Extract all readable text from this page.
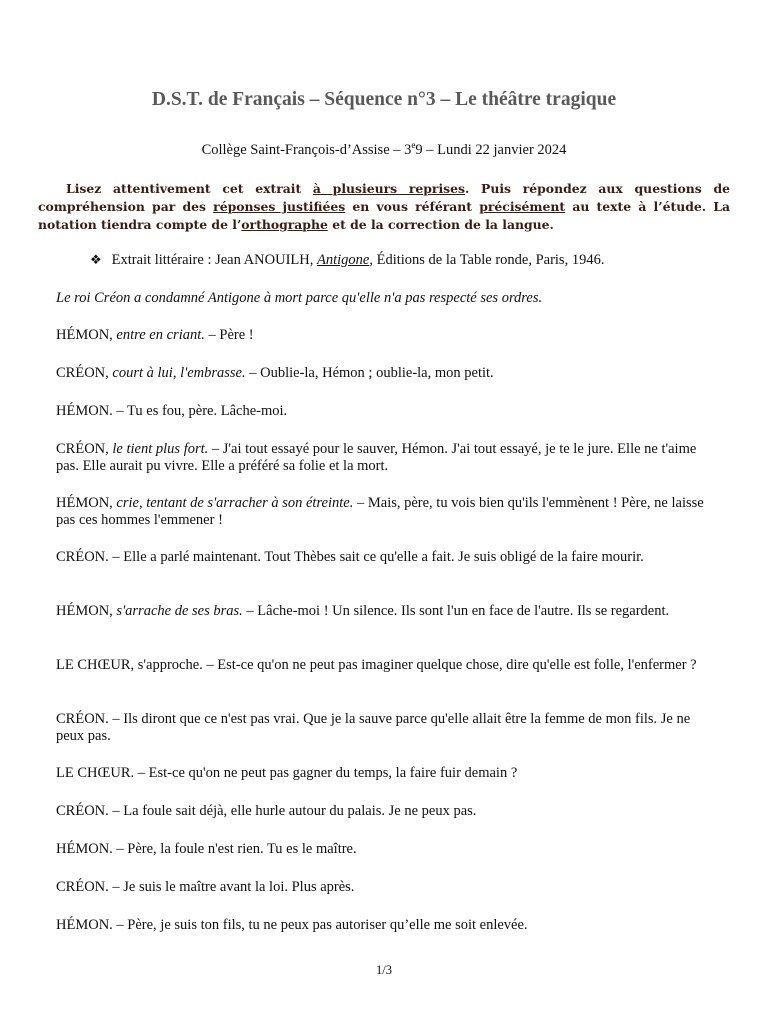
D.S.T. de Français – Séquence n°3 – Le théâtre tragique
Collège Saint-François-d’Assise – 3e9 – Lundi 22 janvier 2024
Lisez attentivement cet extrait à plusieurs reprises. Puis répondez aux questions de compréhension par des réponses justifiées en vous référant précisément au texte à l’étude. La notation tiendra compte de l’orthographe et de la correction de la langue.
❖ Extrait littéraire : Jean ANOUILH, Antigone, Éditions de la Table ronde, Paris, 1946.

Le roi Créon a condamné Antigone à mort parce qu'elle n'a pas respecté ses ordres.

HÉMON, entre en criant. – Père !

CRÉON, court à lui, l'embrasse. – Oublie-la, Hémon ; oublie-la, mon petit.

HÉMON. – Tu es fou, père. Lâche-moi.

CRÉON, le tient plus fort. – J'ai tout essayé pour le sauver, Hémon. J'ai tout essayé, je te le jure. Elle ne t'aime pas. Elle aurait pu vivre. Elle a préféré sa folie et la mort.

HÉMON, crie, tentant de s'arracher à son étreinte. – Mais, père, tu vois bien qu'ils l'emmènent ! Père, ne laisse pas ces hommes l'emmener !

CRÉON. – Elle a parlé maintenant. Tout Thèbes sait ce qu'elle a fait. Je suis obligé de la faire mourir.

HÉMON, s'arrache de ses bras. – Lâche-moi ! Un silence. Ils sont l'un en face de l'autre. Ils se regardent.

LE CHŒUR, s'approche. – Est-ce qu'on ne peut pas imaginer quelque chose, dire qu'elle est folle, l'enfermer ?

CRÉON. – Ils diront que ce n'est pas vrai. Que je la sauve parce qu'elle allait être la femme de mon fils. Je ne peux pas.

LE CHŒUR. – Est-ce qu'on ne peut pas gagner du temps, la faire fuir demain ?

CRÉON. – La foule sait déjà, elle hurle autour du palais. Je ne peux pas.

HÉMON. – Père, la foule n'est rien. Tu es le maître.

CRÉON. – Je suis le maître avant la loi. Plus après.

HÉMON. – Père, je suis ton fils, tu ne peux pas autoriser qu’elle me soit enlevée.

1/3
